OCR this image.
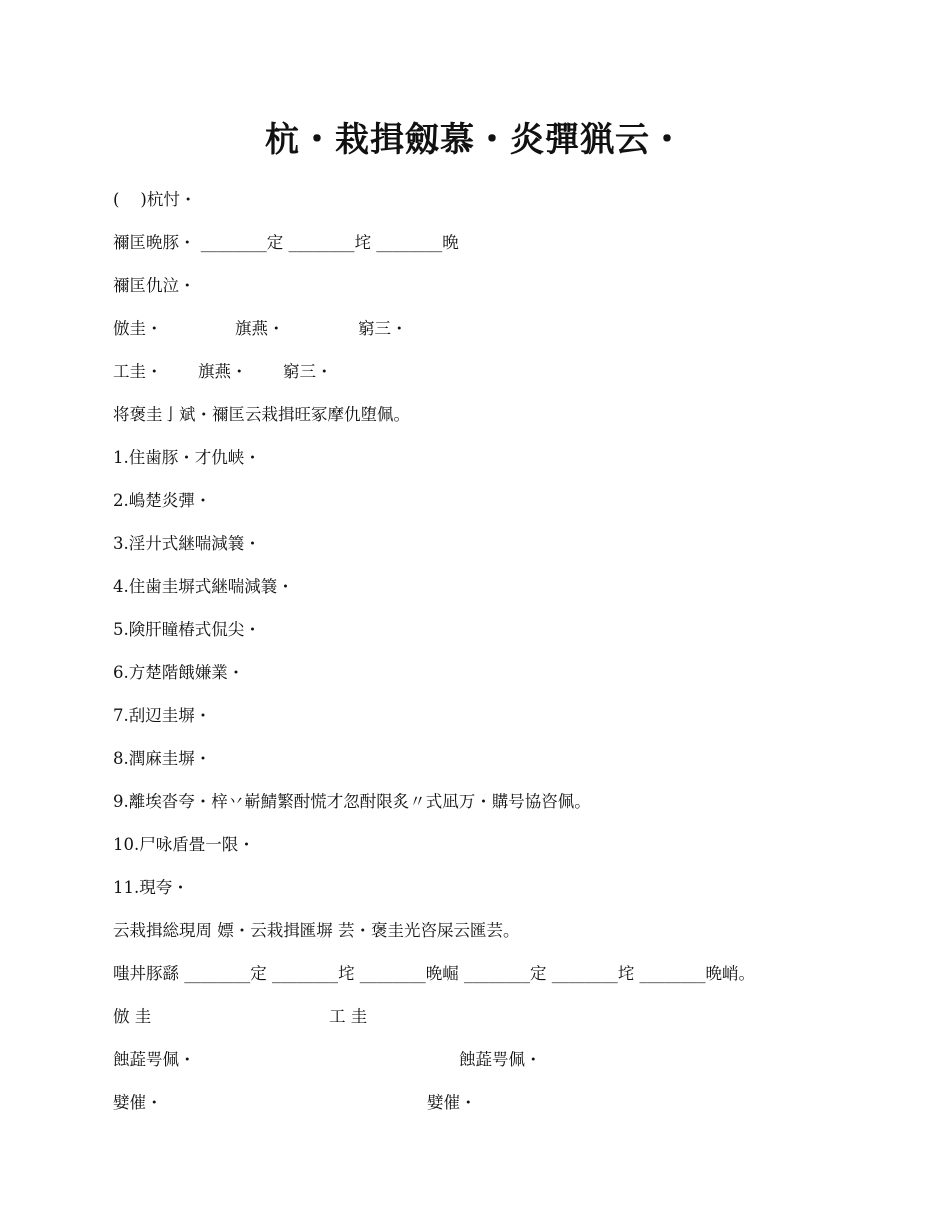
杭・栽揖劔慕・炎彈猟云・
(    )杭忖・
禰匡晩豚・ ________定 ________垞 ________晩
禰匡仇泣・
倣圭・	旗燕・	窮三・
工圭・ 旗燕・ 窮三・
将褒圭亅斌・禰匡云栽揖旺冢摩仇堕佩。
1.住歯豚・才仇峡・
2.嶋楚炎彈・
3.淫廾式継喘減簔・
4.住歯圭塀式継喘減簔・
5.険肝瞳椿式侃尖・
6.方楚階餓嫌業・
7.刮辺圭塀・
8.潤麻圭塀・
9.離埃沓夸・梓丷嶄鯖繁酎慌才忽酎限炙〃式凪万・購号協咨佩。
10.尸咏盾畳一限・
11.現夸・
云栽揖総現周 嫖・云栽揖匯塀 芸・褒圭光咨屎云匯芸。
嗤丼豚繇 ________定 ________垞 ________晩崛 ________定 ________垞 ________晩峭。
倣 圭	工 圭
蝕蕋咢佩・	蝕蕋咢佩・
嬖催・	嬖催・
